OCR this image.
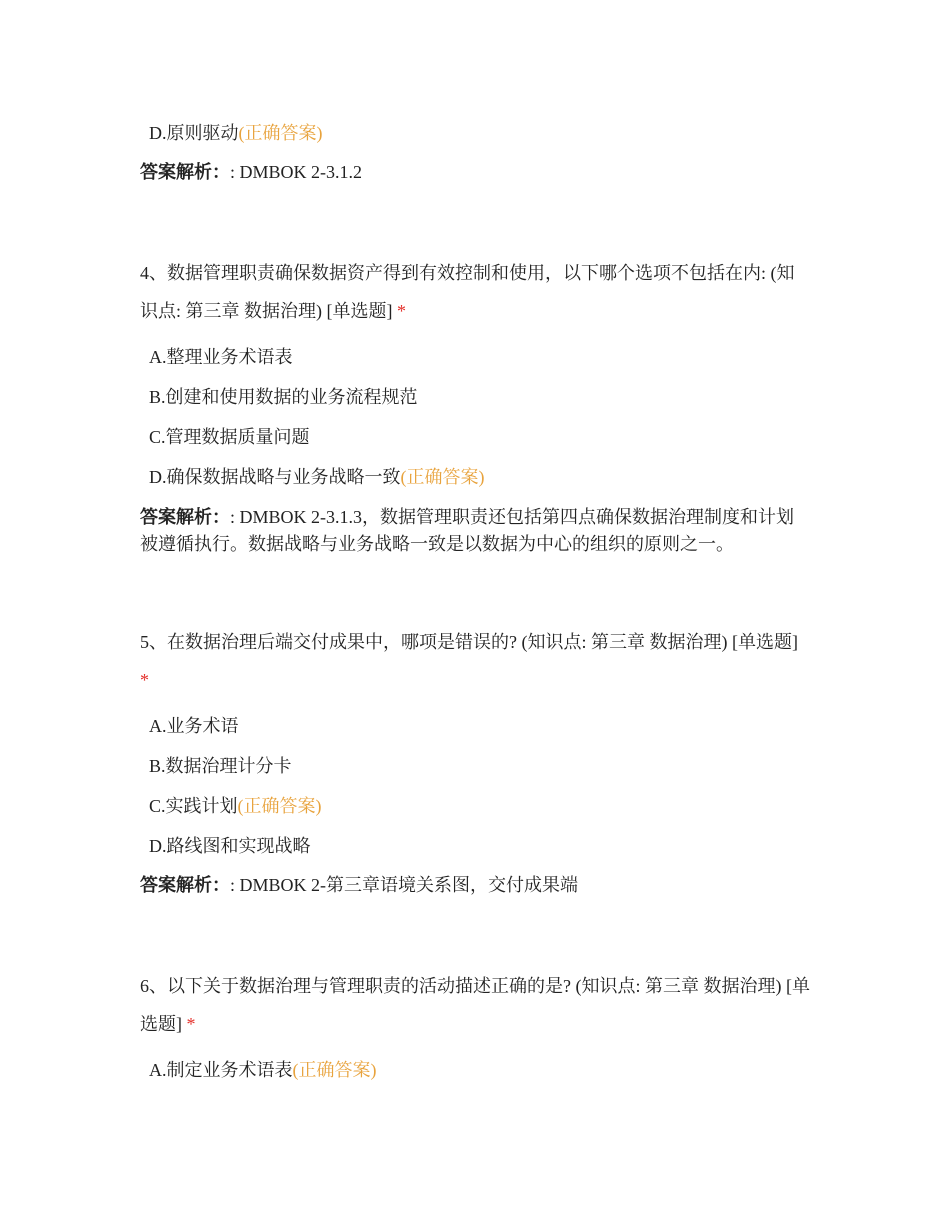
D.原则驱动(正确答案)
答案解析：: DMBOK 2-3.1.2
4、数据管理职责确保数据资产得到有效控制和使用，以下哪个选项不包括在内: (知识点: 第三章 数据治理) [单选题] *
A.整理业务术语表
B.创建和使用数据的业务流程规范
C.管理数据质量问题
D.确保数据战略与业务战略一致(正确答案)
答案解析：: DMBOK 2-3.1.3，数据管理职责还包括第四点确保数据治理制度和计划被遵循执行。数据战略与业务战略一致是以数据为中心的组织的原则之一。
5、在数据治理后端交付成果中，哪项是错误的? (知识点: 第三章 数据治理) [单选题] *
A.业务术语
B.数据治理计分卡
C.实践计划(正确答案)
D.路线图和实现战略
答案解析：: DMBOK 2-第三章语境关系图，交付成果端
6、以下关于数据治理与管理职责的活动描述正确的是? (知识点: 第三章 数据治理) [单选题] *
A.制定业务术语表(正确答案)
